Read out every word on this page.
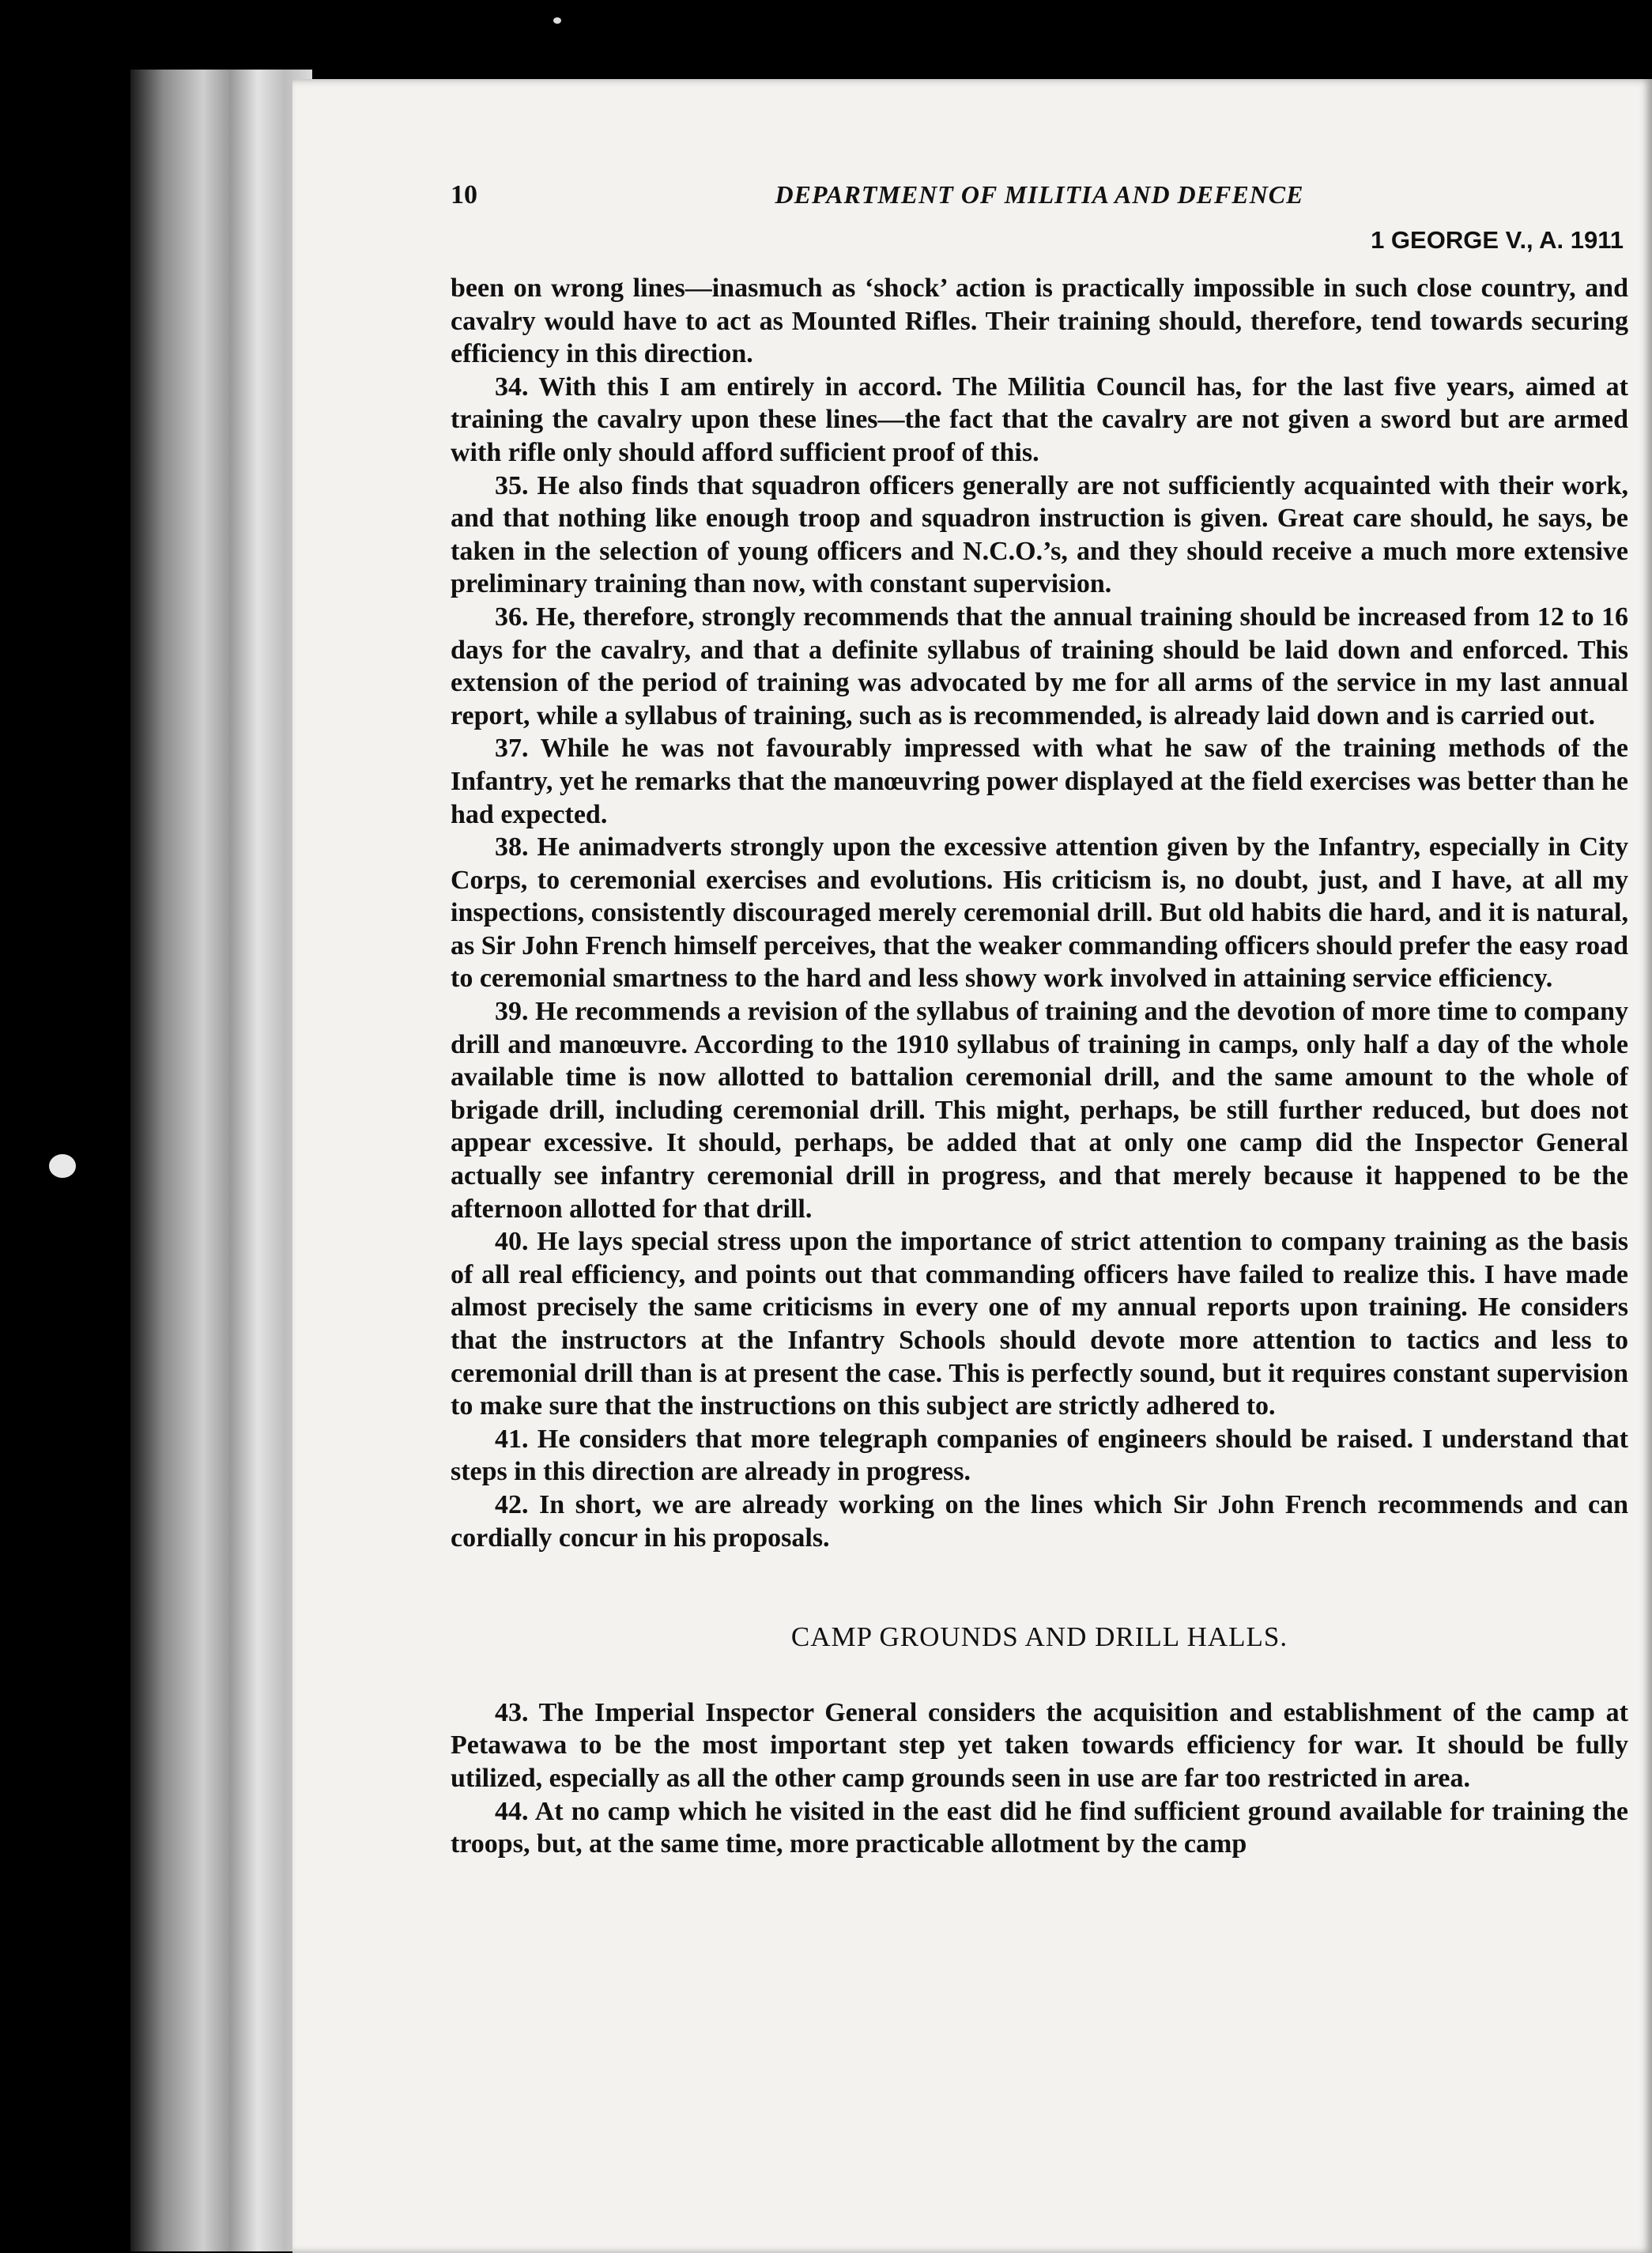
10	DEPARTMENT OF MILITIA AND DEFENCE
1 GEORGE V., A. 1911

been on wrong lines—inasmuch as ‘shock’ action is practically impossible in such close country, and cavalry would have to act as Mounted Rifles. Their training should, therefore, tend towards securing efficiency in this direction.

34. With this I am entirely in accord. The Militia Council has, for the last five years, aimed at training the cavalry upon these lines—the fact that the cavalry are not given a sword but are armed with rifle only should afford sufficient proof of this.

35. He also finds that squadron officers generally are not sufficiently acquainted with their work, and that nothing like enough troop and squadron instruction is given. Great care should, he says, be taken in the selection of young officers and N.C.O.’s, and they should receive a much more extensive preliminary training than now, with constant supervision.

36. He, therefore, strongly recommends that the annual training should be increased from 12 to 16 days for the cavalry, and that a definite syllabus of training should be laid down and enforced. This extension of the period of training was advocated by me for all arms of the service in my last annual report, while a syllabus of training, such as is recommended, is already laid down and is carried out.

37. While he was not favourably impressed with what he saw of the training methods of the Infantry, yet he remarks that the manœuvring power displayed at the field exercises was better than he had expected.

38. He animadverts strongly upon the excessive attention given by the Infantry, especially in City Corps, to ceremonial exercises and evolutions. His criticism is, no doubt, just, and I have, at all my inspections, consistently discouraged merely ceremonial drill. But old habits die hard, and it is natural, as Sir John French himself perceives, that the weaker commanding officers should prefer the easy road to ceremonial smartness to the hard and less showy work involved in attaining service efficiency.

39. He recommends a revision of the syllabus of training and the devotion of more time to company drill and manœuvre. According to the 1910 syllabus of training in camps, only half a day of the whole available time is now allotted to battalion ceremonial drill, and the same amount to the whole of brigade drill, including ceremonial drill. This might, perhaps, be still further reduced, but does not appear excessive. It should, perhaps, be added that at only one camp did the Inspector General actually see infantry ceremonial drill in progress, and that merely because it happened to be the afternoon allotted for that drill.

40. He lays special stress upon the importance of strict attention to company training as the basis of all real efficiency, and points out that commanding officers have failed to realize this. I have made almost precisely the same criticisms in every one of my annual reports upon training. He considers that the instructors at the Infantry Schools should devote more attention to tactics and less to ceremonial drill than is at present the case. This is perfectly sound, but it requires constant supervision to make sure that the instructions on this subject are strictly adhered to.

41. He considers that more telegraph companies of engineers should be raised. I understand that steps in this direction are already in progress.

42. In short, we are already working on the lines which Sir John French recommends and can cordially concur in his proposals.

CAMP GROUNDS AND DRILL HALLS.

43. The Imperial Inspector General considers the acquisition and establishment of the camp at Petawawa to be the most important step yet taken towards efficiency for war. It should be fully utilized, especially as all the other camp grounds seen in use are far too restricted in area.

44. At no camp which he visited in the east did he find sufficient ground available for training the troops, but, at the same time, more practicable allotment by the camp
